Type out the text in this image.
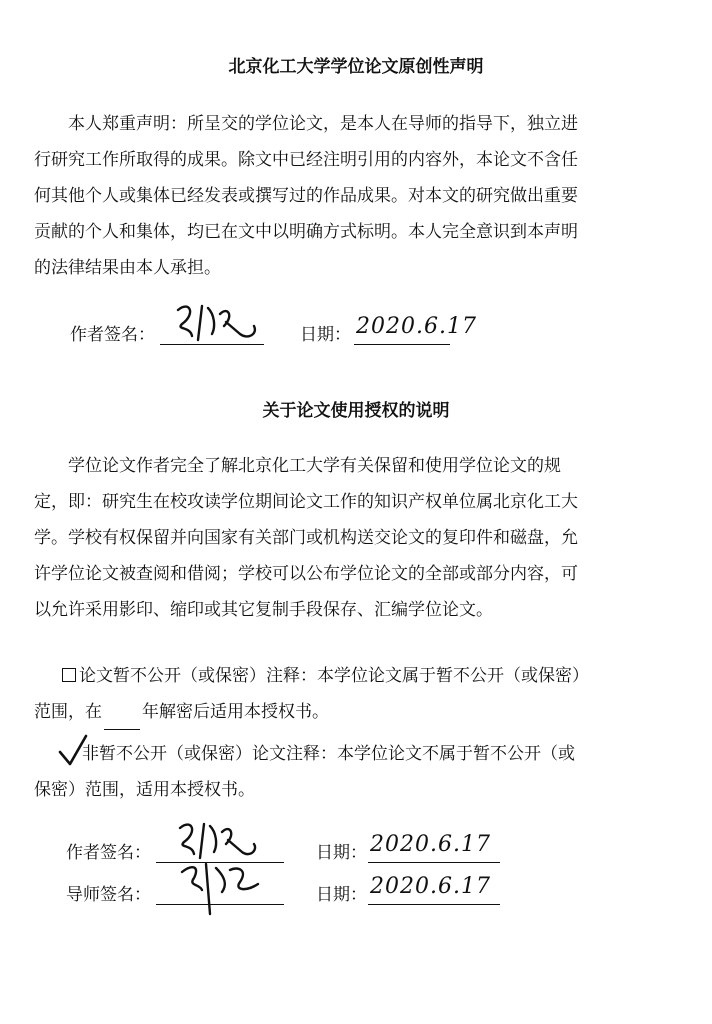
北京化工大学学位论文原创性声明
本人郑重声明：所呈交的学位论文，是本人在导师的指导下，独立进行研究工作所取得的成果。除文中已经注明引用的内容外，本论文不含任何其他个人或集体已经发表或撰写过的作品成果。对本文的研究做出重要贡献的个人和集体，均已在文中以明确方式标明。本人完全意识到本声明的法律结果由本人承担。
作者签名：	日期： 2020.6.17
关于论文使用授权的说明
学位论文作者完全了解北京化工大学有关保留和使用学位论文的规定，即：研究生在校攻读学位期间论文工作的知识产权单位属北京化工大学。学校有权保留并向国家有关部门或机构送交论文的复印件和磁盘，允许学位论文被查阅和借阅；学校可以公布学位论文的全部或部分内容，可以允许采用影印、缩印或其它复制手段保存、汇编学位论文。
论文暂不公开（或保密）注释：本学位论文属于暂不公开（或保密）范围，在 年解密后适用本授权书。
非暂不公开（或保密）论文注释：本学位论文不属于暂不公开（或保密）范围，适用本授权书。
作者签名：	日期： 2020.6.17
导师签名：	日期： 2020.6.17
